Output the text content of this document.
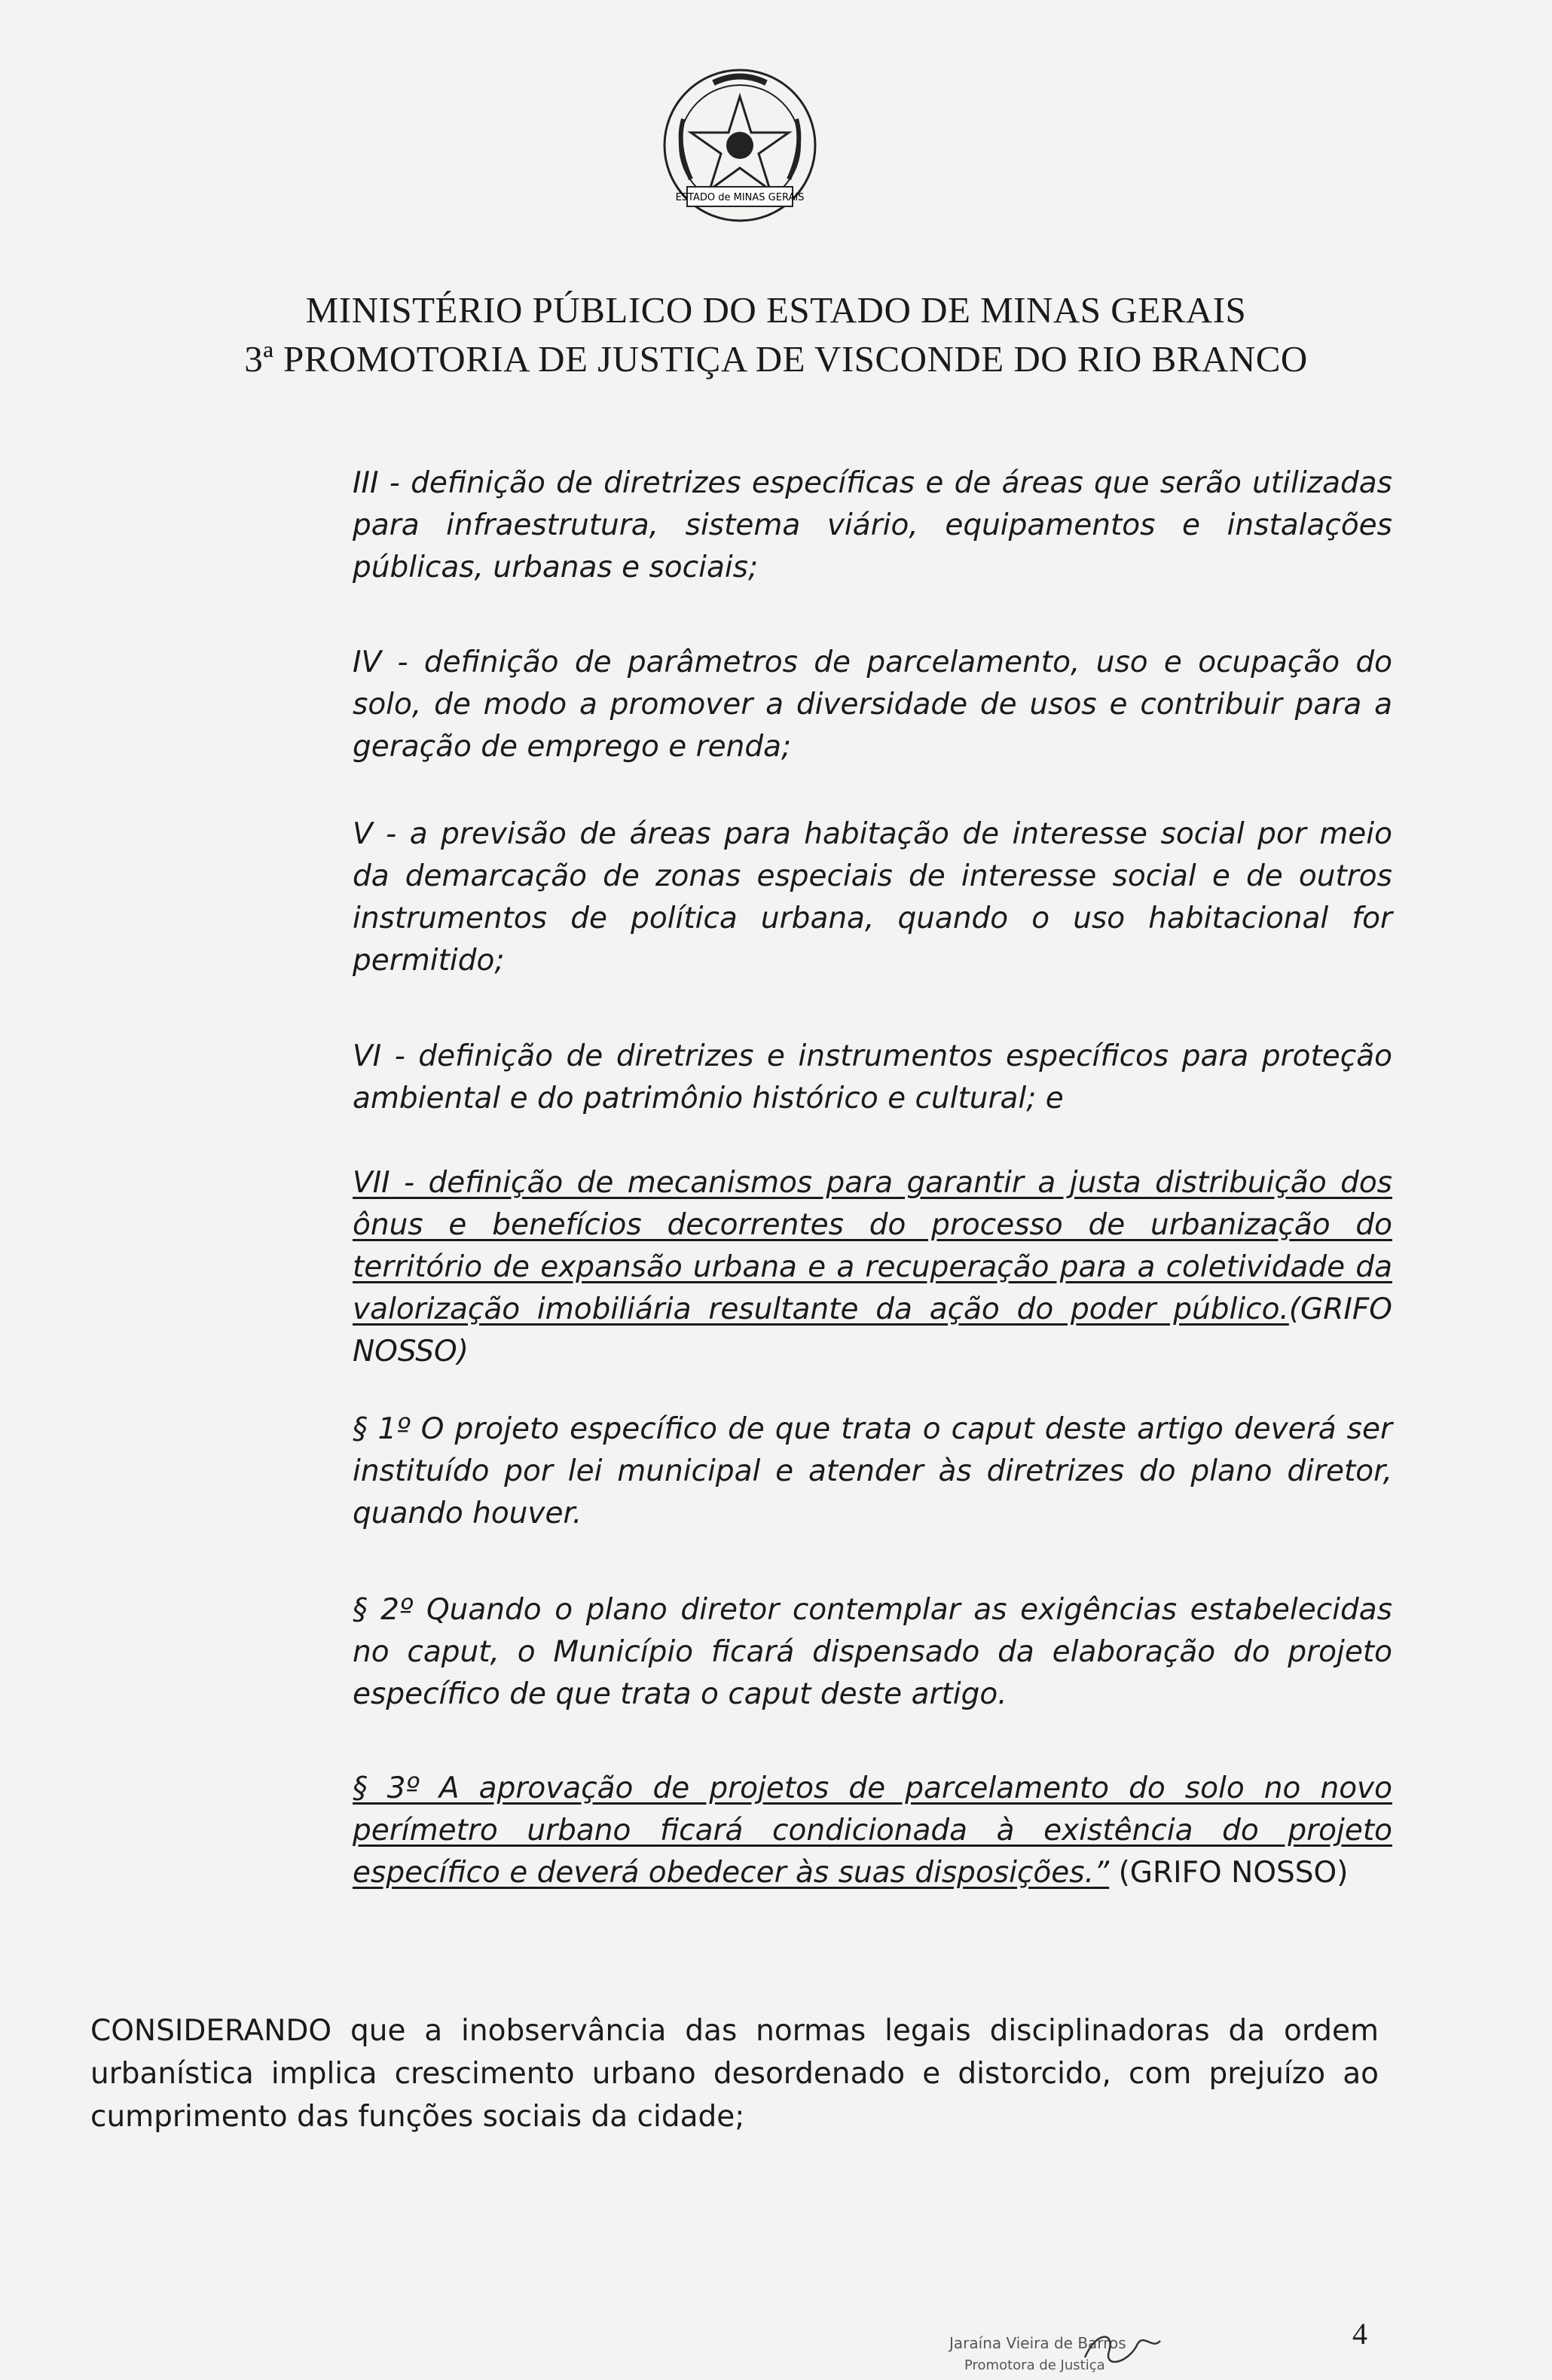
ESTADO de MINAS GERAIS
MINISTÉRIO PÚBLICO DO ESTADO DE MINAS GERAIS
3ª PROMOTORIA DE JUSTIÇA DE VISCONDE DO RIO BRANCO

III - definição de diretrizes específicas e de áreas que serão utilizadas para infraestrutura, sistema viário, equipamentos e instalações públicas, urbanas e sociais;

IV - definição de parâmetros de parcelamento, uso e ocupação do solo, de modo a promover a diversidade de usos e contribuir para a geração de emprego e renda;

V - a previsão de áreas para habitação de interesse social por meio da demarcação de zonas especiais de interesse social e de outros instrumentos de política urbana, quando o uso habitacional for permitido;

VI - definição de diretrizes e instrumentos específicos para proteção ambiental e do patrimônio histórico e cultural; e

VII - definição de mecanismos para garantir a justa distribuição dos ônus e benefícios decorrentes do processo de urbanização do território de expansão urbana e a recuperação para a coletividade da valorização imobiliária resultante da ação do poder público.(GRIFO NOSSO)

§ 1º O projeto específico de que trata o caput deste artigo deverá ser instituído por lei municipal e atender às diretrizes do plano diretor, quando houver.

§ 2º Quando o plano diretor contemplar as exigências estabelecidas no caput, o Município ficará dispensado da elaboração do projeto específico de que trata o caput deste artigo.

§ 3º A aprovação de projetos de parcelamento do solo no novo perímetro urbano ficará condicionada à existência do projeto específico e deverá obedecer às suas disposições.” (GRIFO NOSSO)

CONSIDERANDO que a inobservância das normas legais disciplinadoras da ordem urbanística implica crescimento urbano desordenado e distorcido, com prejuízo ao cumprimento das funções sociais da cidade;
Jaraína Vieira de Barros
Promotora de Justiça
4
